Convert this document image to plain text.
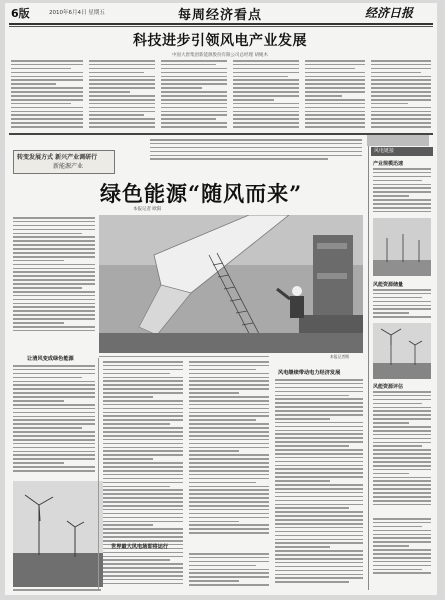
6版	2010年6月4日 星期五	每周经济看点	经济日报
科技进步引领风电产业发展
中国大唐集团新能源股份有限公司总经理 胡绳木
转变发展方式 新兴产业调研行
新能源产业
绿色能源“随风而来”
本报记者 欧阳
本报记者摄
让清风变成绿色能源
世界最大风电场即将运行
风电继续带动电力经济发展
风电链接
产业规模迅速
风能资源储量
风能资源评估
